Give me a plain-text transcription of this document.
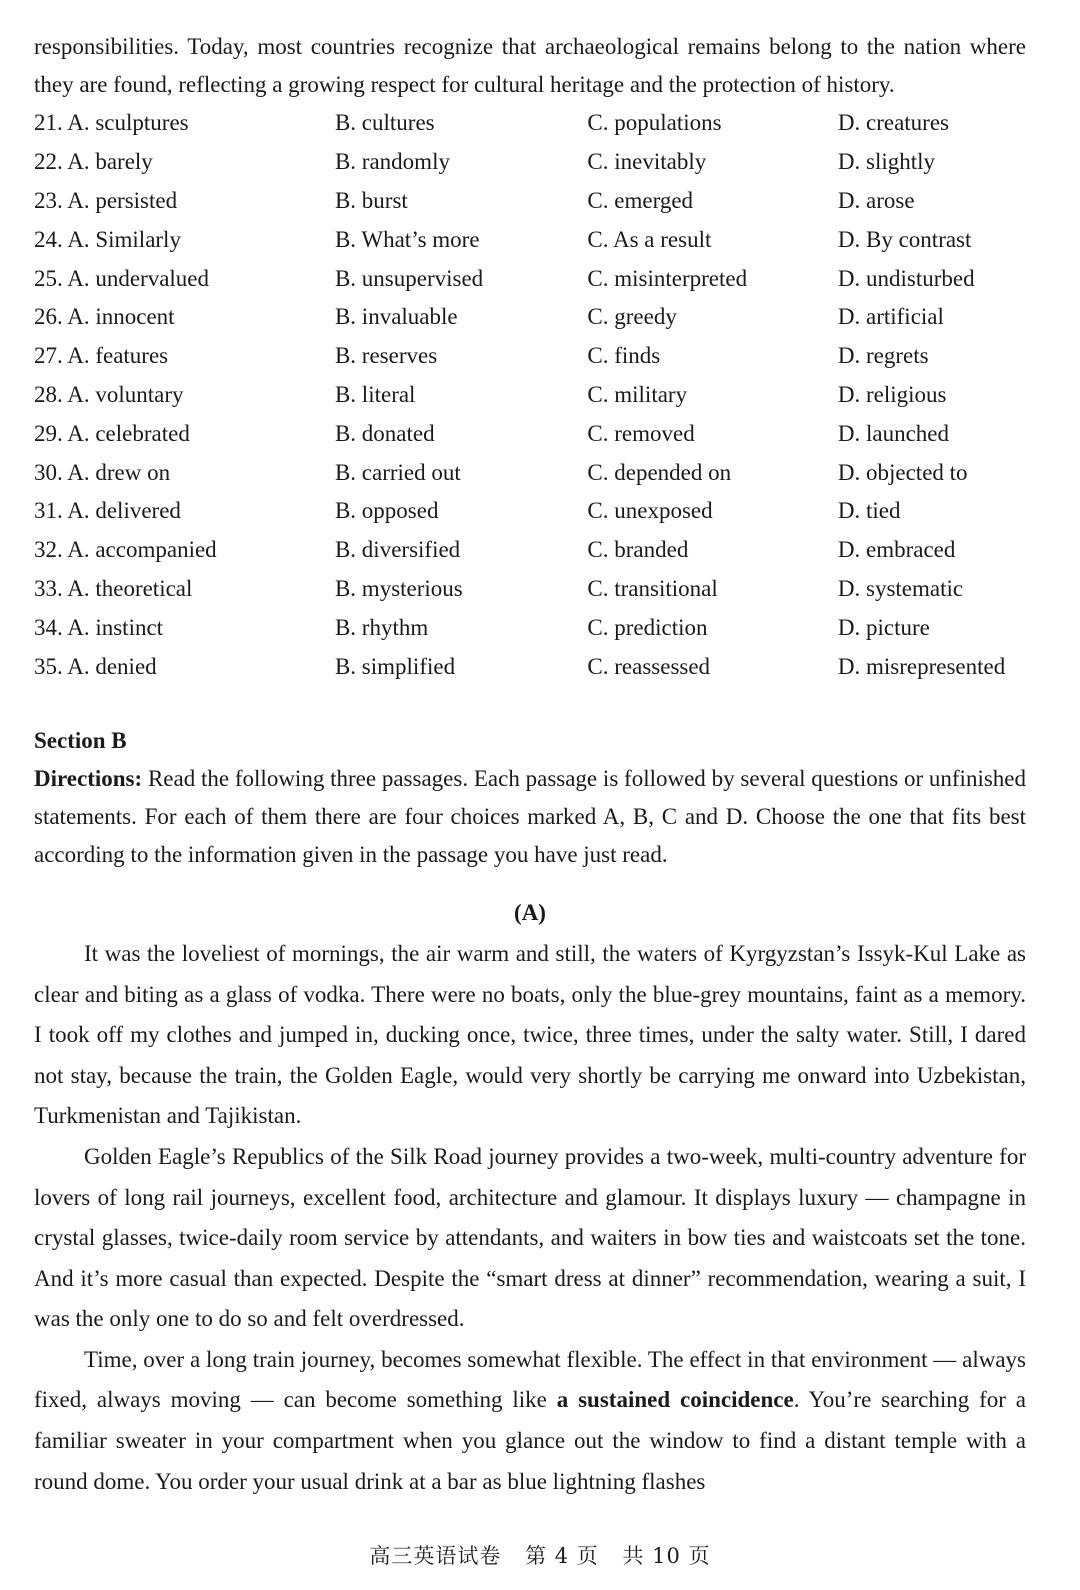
responsibilities. Today, most countries recognize that archaeological remains belong to the nation where they are found, reflecting a growing respect for cultural heritage and the protection of history.

21. A. sculptures	B. cultures	C. populations	D. creatures
22. A. barely	B. randomly	C. inevitably	D. slightly
23. A. persisted	B. burst	C. emerged	D. arose
24. A. Similarly	B. What’s more	C. As a result	D. By contrast
25. A. undervalued	B. unsupervised	C. misinterpreted	D. undisturbed
26. A. innocent	B. invaluable	C. greedy	D. artificial
27. A. features	B. reserves	C. finds	D. regrets
28. A. voluntary	B. literal	C. military	D. religious
29. A. celebrated	B. donated	C. removed	D. launched
30. A. drew on	B. carried out	C. depended on	D. objected to
31. A. delivered	B. opposed	C. unexposed	D. tied
32. A. accompanied	B. diversified	C. branded	D. embraced
33. A. theoretical	B. mysterious	C. transitional	D. systematic
34. A. instinct	B. rhythm	C. prediction	D. picture
35. A. denied	B. simplified	C. reassessed	D. misrepresented
Section B

Directions: Read the following three passages. Each passage is followed by several questions or unfinished statements. For each of them there are four choices marked A, B, C and D. Choose the one that fits best according to the information given in the passage you have just read.

(A)

It was the loveliest of mornings, the air warm and still, the waters of Kyrgyzstan’s Issyk-Kul Lake as clear and biting as a glass of vodka. There were no boats, only the blue-grey mountains, faint as a memory. I took off my clothes and jumped in, ducking once, twice, three times, under the salty water. Still, I dared not stay, because the train, the Golden Eagle, would very shortly be carrying me onward into Uzbekistan, Turkmenistan and Tajikistan.

Golden Eagle’s Republics of the Silk Road journey provides a two-week, multi-country adventure for lovers of long rail journeys, excellent food, architecture and glamour. It displays luxury — champagne in crystal glasses, twice-daily room service by attendants, and waiters in bow ties and waistcoats set the tone. And it’s more casual than expected. Despite the “smart dress at dinner” recommendation, wearing a suit, I was the only one to do so and felt overdressed.

Time, over a long train journey, becomes somewhat flexible. The effect in that environment — always fixed, always moving — can become something like a sustained coincidence. You’re searching for a familiar sweater in your compartment when you glance out the window to find a distant temple with a round dome. You order your usual drink at a bar as blue lightning flashes

高三英语试卷 第 4 页 共 10 页
